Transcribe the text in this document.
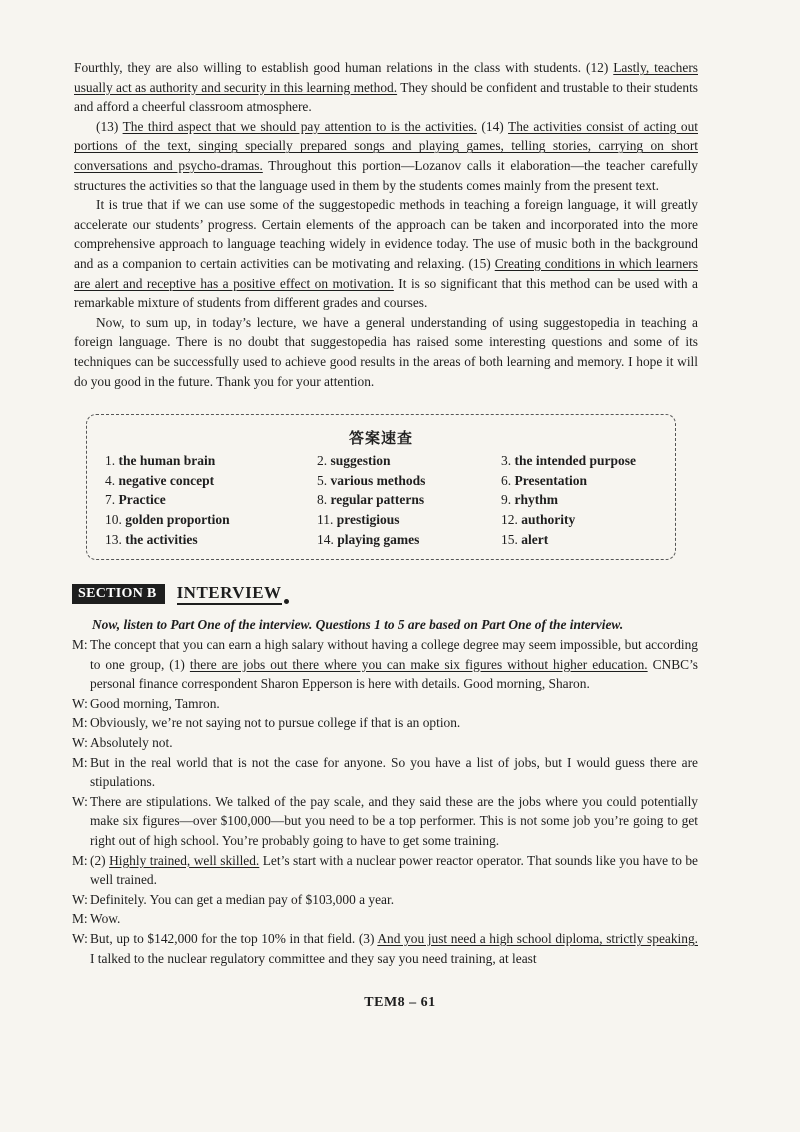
Fourthly, they are also willing to establish good human relations in the class with students. (12) Lastly, teachers usually act as authority and security in this learning method. They should be confident and trustable to their students and afford a cheerful classroom atmosphere.

(13) The third aspect that we should pay attention to is the activities. (14) The activities consist of acting out portions of the text, singing specially prepared songs and playing games, telling stories, carrying on short conversations and psycho-dramas. Throughout this portion—Lozanov calls it elaboration—the teacher carefully structures the activities so that the language used in them by the students comes mainly from the present text.

It is true that if we can use some of the suggestopedic methods in teaching a foreign language, it will greatly accelerate our students’ progress. Certain elements of the approach can be taken and incorporated into the more comprehensive approach to language teaching widely in evidence today. The use of music both in the background and as a companion to certain activities can be motivating and relaxing. (15) Creating conditions in which learners are alert and receptive has a positive effect on motivation. It is so significant that this method can be used with a remarkable mixture of students from different grades and courses.

Now, to sum up, in today’s lecture, we have a general understanding of using suggestopedia in teaching a foreign language. There is no doubt that suggestopedia has raised some interesting questions and some of its techniques can be successfully used to achieve good results in the areas of both learning and memory. I hope it will do you good in the future. Thank you for your attention.

答案速查
1. the human brain	2. suggestion	3. the intended purpose
4. negative concept	5. various methods	6. Presentation
7. Practice	8. regular patterns	9. rhythm
10. golden proportion	11. prestigious	12. authority
13. the activities	14. playing games	15. alert
SECTION B	INTERVIEW
Now, listen to Part One of the interview. Questions 1 to 5 are based on Part One of the interview.
M: The concept that you can earn a high salary without having a college degree may seem impossible, but according to one group, (1) there are jobs out there where you can make six figures without higher education. CNBC’s personal finance correspondent Sharon Epperson is here with details. Good morning, Sharon.
W: Good morning, Tamron.
M: Obviously, we’re not saying not to pursue college if that is an option.
W: Absolutely not.
M: But in the real world that is not the case for anyone. So you have a list of jobs, but I would guess there are stipulations.
W: There are stipulations. We talked of the pay scale, and they said these are the jobs where you could potentially make six figures—over $100,000—but you need to be a top performer. This is not some job you’re going to get right out of high school. You’re probably going to have to get some training.
M: (2) Highly trained, well skilled. Let’s start with a nuclear power reactor operator. That sounds like you have to be well trained.
W: Definitely. You can get a median pay of $103,000 a year.
M: Wow.
W: But, up to $142,000 for the top 10% in that field. (3) And you just need a high school diploma, strictly speaking. I talked to the nuclear regulatory committee and they say you need training, at least
TEM8 – 61
